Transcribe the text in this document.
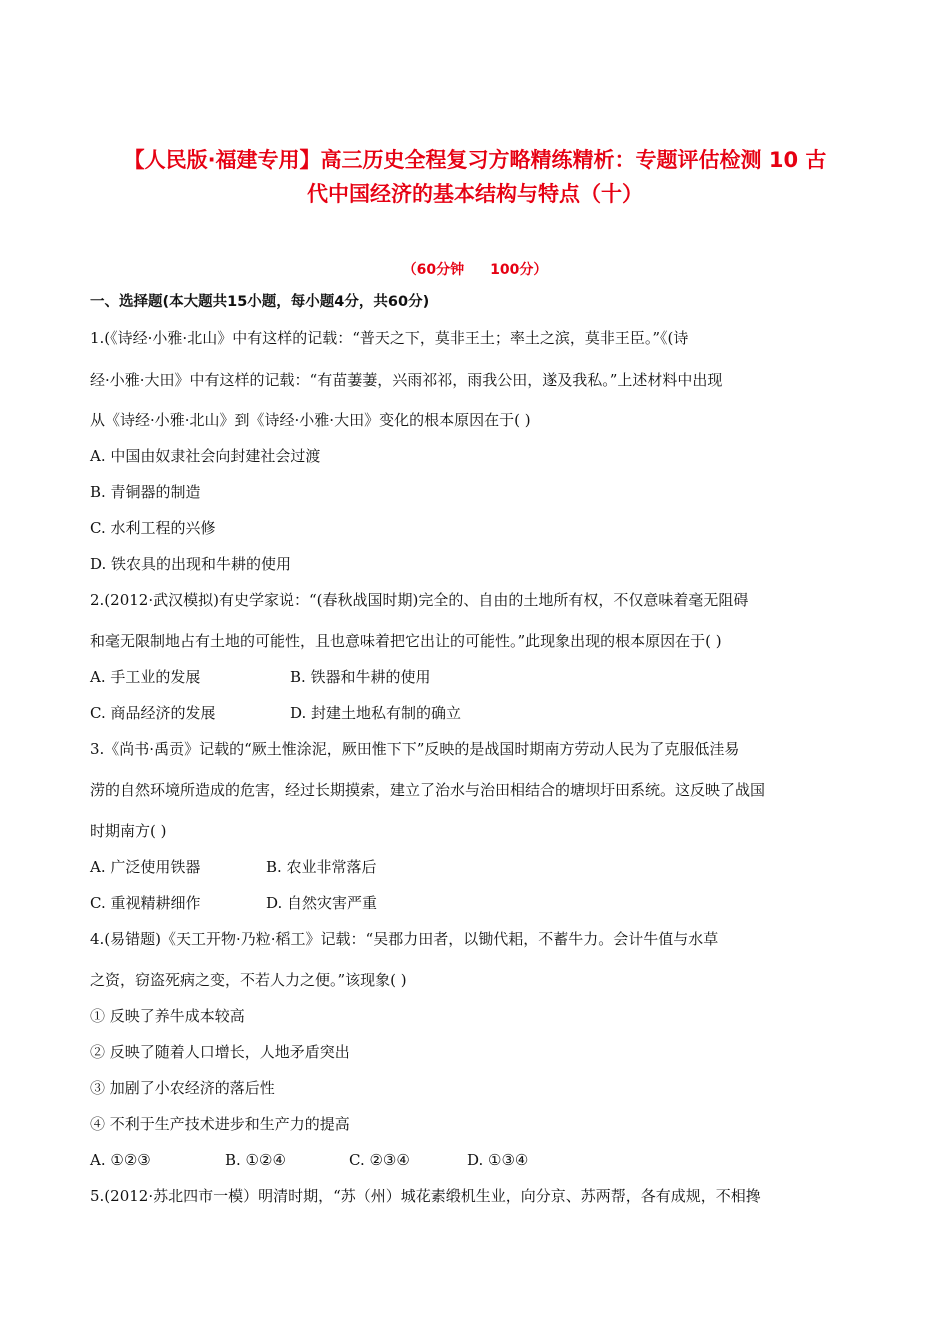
【人民版·福建专用】高三历史全程复习方略精练精析：专题评估检测 10 古
代中国经济的基本结构与特点（十）
（60分钟 100分）
一、选择题(本大题共15小题，每小题4分，共60分)
1.(《诗经·小雅·北山》中有这样的记载：“普天之下，莫非王土；率土之滨，莫非王臣。”《(诗
经·小雅·大田》中有这样的记载：“有苗萋萋，兴雨祁祁，雨我公田，遂及我私。”上述材料中出现
从《诗经·小雅·北山》到《诗经·小雅·大田》变化的根本原因在于( )
A. 中国由奴隶社会向封建社会过渡
B. 青铜器的制造
C. 水利工程的兴修
D. 铁农具的出现和牛耕的使用
2.(2012·武汉模拟)有史学家说：“(春秋战国时期)完全的、自由的土地所有权，不仅意味着毫无阻碍
和毫无限制地占有土地的可能性，且也意味着把它出让的可能性。”此现象出现的根本原因在于( )
A. 手工业的发展	B. 铁器和牛耕的使用
C. 商品经济的发展	D. 封建土地私有制的确立
3.《尚书·禹贡》记载的“厥土惟涂泥，厥田惟下下”反映的是战国时期南方劳动人民为了克服低洼易
涝的自然环境所造成的危害，经过长期摸索，建立了治水与治田相结合的塘坝圩田系统。这反映了战国
时期南方( )
A. 广泛使用铁器	B. 农业非常落后
C. 重视精耕细作	D. 自然灾害严重
4.(易错题)《天工开物·乃粒·稻工》记载：“吴郡力田者，以锄代耜，不蓄牛力。会计牛值与水草
之资，窃盗死病之变，不若人力之便。”该现象( )
① 反映了养牛成本较高
② 反映了随着人口增长，人地矛盾突出
③ 加剧了小农经济的落后性
④ 不利于生产技术进步和生产力的提高
A. ①②③	B. ①②④	C. ②③④	D. ①③④
5.(2012·苏北四市一模）明清时期，“苏（州）城花素缎机生业，向分京、苏两帮，各有成规，不相搀
